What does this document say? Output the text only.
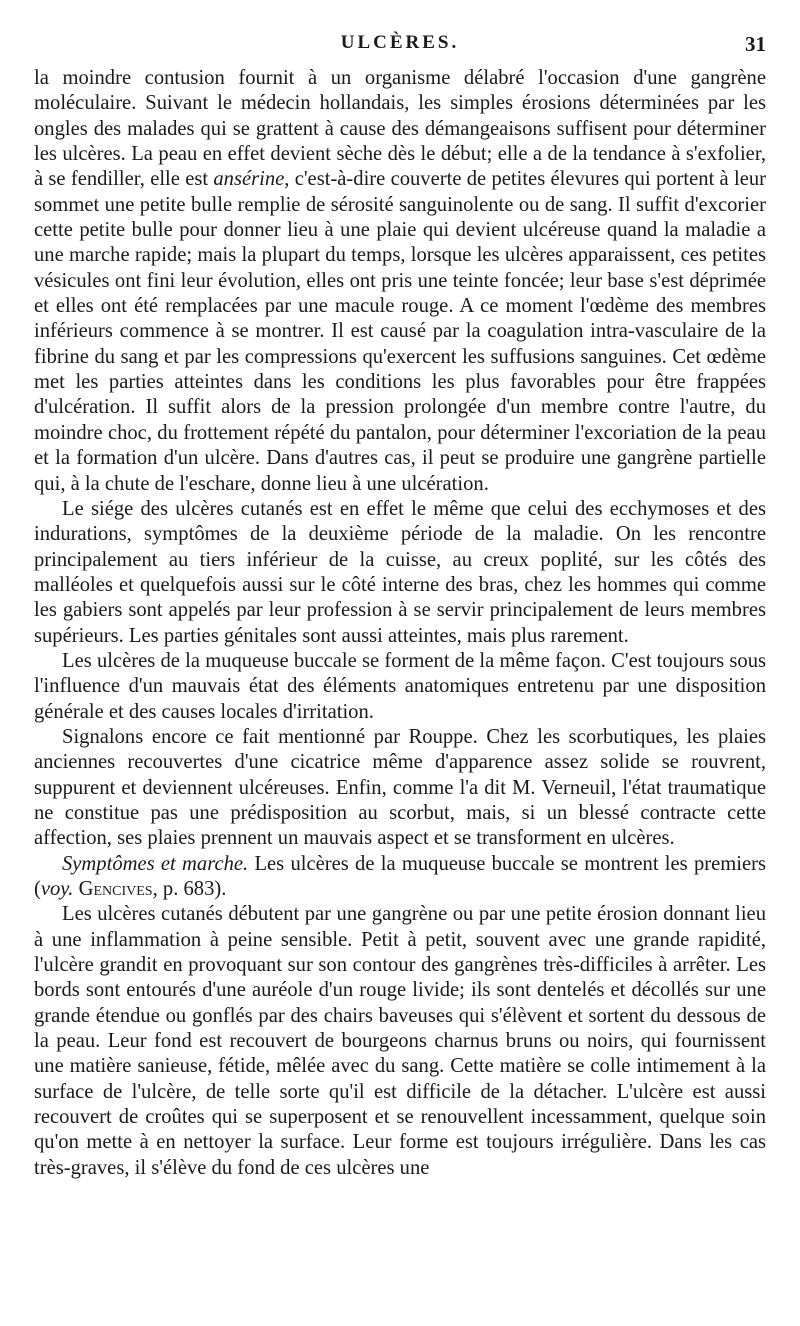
ULCÈRES.	31

la moindre contusion fournit à un organisme délabré l'occasion d'une gangrène moléculaire. Suivant le médecin hollandais, les simples érosions déterminées par les ongles des malades qui se grattent à cause des démangeaisons suffisent pour déterminer les ulcères. La peau en effet devient sèche dès le début; elle a de la tendance à s'exfolier, à se fendiller, elle est ansérine, c'est-à-dire couverte de petites élevures qui portent à leur sommet une petite bulle remplie de sérosité sanguinolente ou de sang. Il suffit d'excorier cette petite bulle pour donner lieu à une plaie qui devient ulcéreuse quand la maladie a une marche rapide; mais la plupart du temps, lorsque les ulcères apparaissent, ces petites vésicules ont fini leur évolution, elles ont pris une teinte foncée; leur base s'est déprimée et elles ont été remplacées par une macule rouge. A ce moment l'œdème des membres inférieurs commence à se montrer. Il est causé par la coagulation intra-vasculaire de la fibrine du sang et par les compressions qu'exercent les suffusions sanguines. Cet œdème met les parties atteintes dans les conditions les plus favorables pour être frappées d'ulcération. Il suffit alors de la pression prolongée d'un membre contre l'autre, du moindre choc, du frottement répété du pantalon, pour déterminer l'excoriation de la peau et la formation d'un ulcère. Dans d'autres cas, il peut se produire une gangrène partielle qui, à la chute de l'eschare, donne lieu à une ulcération.

Le siége des ulcères cutanés est en effet le même que celui des ecchymoses et des indurations, symptômes de la deuxième période de la maladie. On les rencontre principalement au tiers inférieur de la cuisse, au creux poplité, sur les côtés des malléoles et quelquefois aussi sur le côté interne des bras, chez les hommes qui comme les gabiers sont appelés par leur profession à se servir principalement de leurs membres supérieurs. Les parties génitales sont aussi atteintes, mais plus rarement.

Les ulcères de la muqueuse buccale se forment de la même façon. C'est toujours sous l'influence d'un mauvais état des éléments anatomiques entretenu par une disposition générale et des causes locales d'irritation.

Signalons encore ce fait mentionné par Rouppe. Chez les scorbutiques, les plaies anciennes recouvertes d'une cicatrice même d'apparence assez solide se rouvrent, suppurent et deviennent ulcéreuses. Enfin, comme l'a dit M. Verneuil, l'état traumatique ne constitue pas une prédisposition au scorbut, mais, si un blessé contracte cette affection, ses plaies prennent un mauvais aspect et se transforment en ulcères.

Symptômes et marche. Les ulcères de la muqueuse buccale se montrent les premiers (voy. Gencives, p. 683).

Les ulcères cutanés débutent par une gangrène ou par une petite érosion donnant lieu à une inflammation à peine sensible. Petit à petit, souvent avec une grande rapidité, l'ulcère grandit en provoquant sur son contour des gangrènes très-difficiles à arrêter. Les bords sont entourés d'une auréole d'un rouge livide; ils sont dentelés et décollés sur une grande étendue ou gonflés par des chairs baveuses qui s'élèvent et sortent du dessous de la peau. Leur fond est recouvert de bourgeons charnus bruns ou noirs, qui fournissent une matière sanieuse, fétide, mêlée avec du sang. Cette matière se colle intimement à la surface de l'ulcère, de telle sorte qu'il est difficile de la détacher. L'ulcère est aussi recouvert de croûtes qui se superposent et se renouvellent incessamment, quelque soin qu'on mette à en nettoyer la surface. Leur forme est toujours irrégulière. Dans les cas très-graves, il s'élève du fond de ces ulcères une
